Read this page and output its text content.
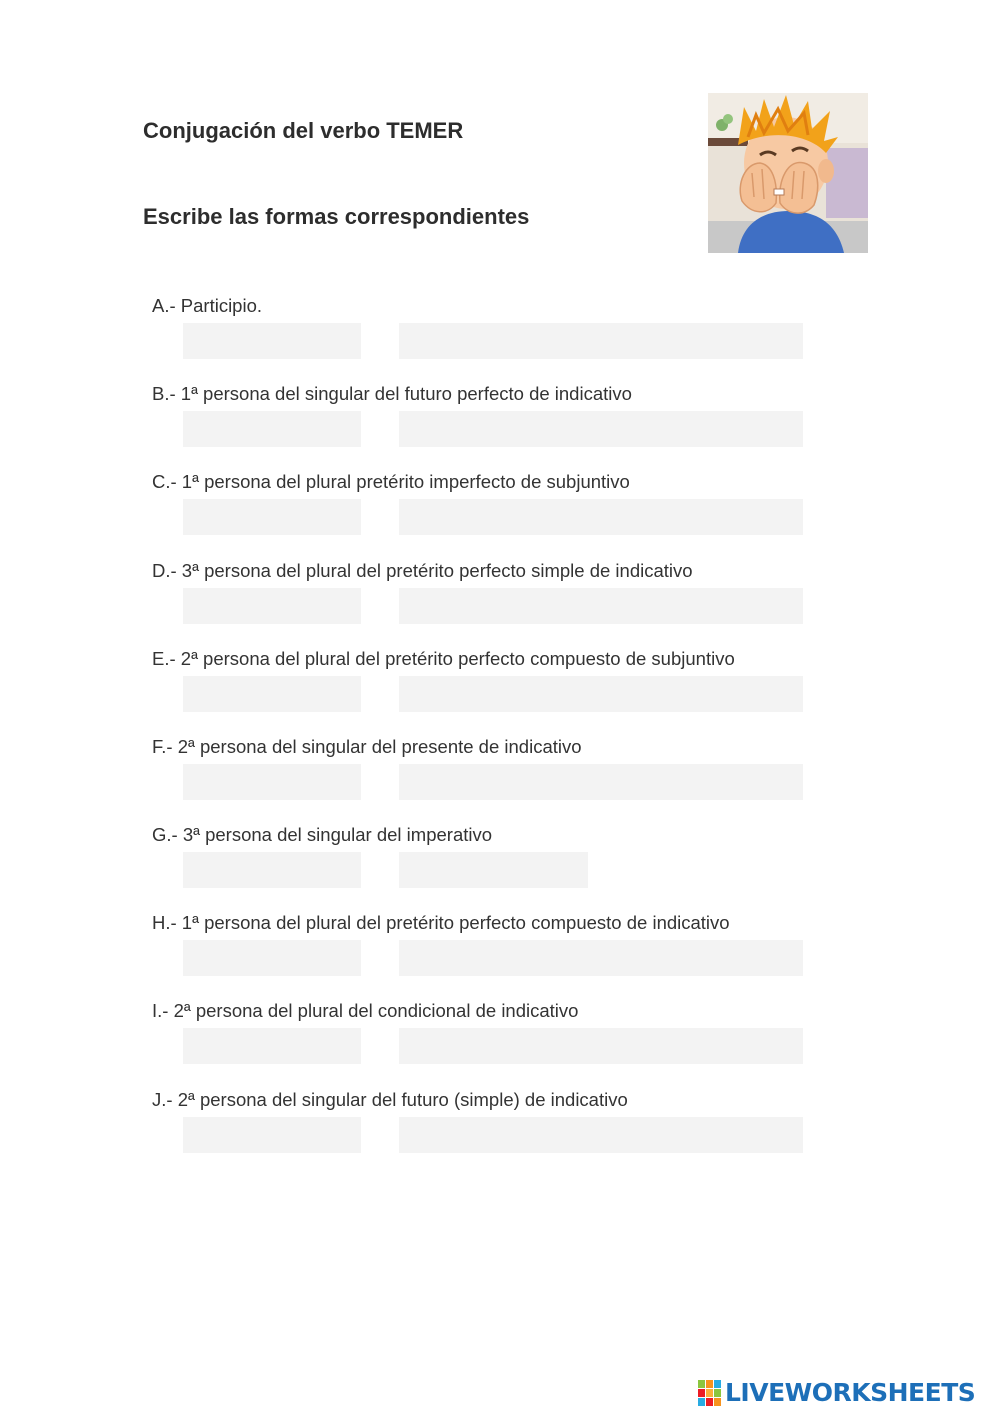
Conjugación del verbo TEMER
Escribe las formas correspondientes
A.- Participio.
B.- 1ª persona del singular del futuro perfecto de indicativo
C.- 1ª persona del plural pretérito imperfecto de subjuntivo
D.- 3ª persona del plural del pretérito perfecto simple de indicativo
E.- 2ª persona del plural del pretérito perfecto compuesto de subjuntivo
F.- 2ª persona del singular del presente de indicativo
G.- 3ª persona del singular del imperativo
H.- 1ª persona del plural del pretérito perfecto compuesto de indicativo
I.- 2ª persona del plural del condicional de indicativo
J.- 2ª persona del singular del futuro (simple) de indicativo
LIVEWORKSHEETS
